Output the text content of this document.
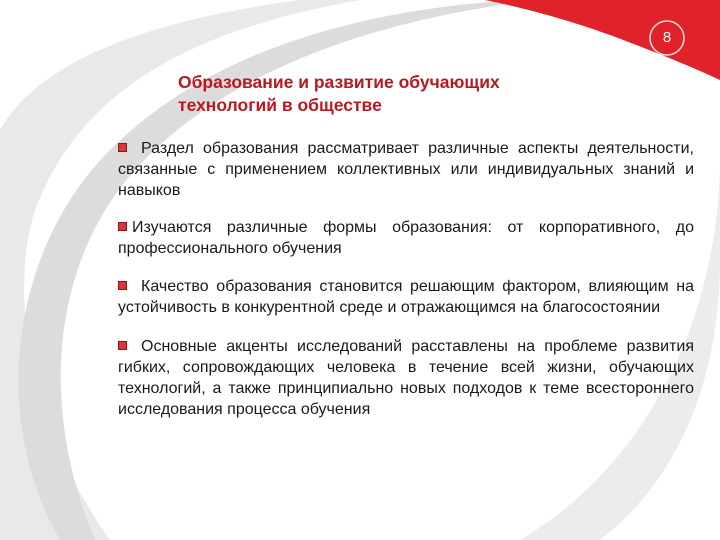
8
Образование и развитие обучающих технологий в обществе

Раздел образования рассматривает различные аспекты деятельности, связанные с применением коллективных или индивидуальных знаний и навыков

Изучаются различные формы образования: от корпоративного, до профессионального обучения

Качество образования становится решающим фактором, влияющим на устойчивость в конкурентной среде и отражающимся на благосостоянии

Основные акценты исследований расставлены на проблеме развития гибких, сопровождающих человека в течение всей жизни, обучающих технологий, а также принципиально новых подходов к теме всестороннего исследования процесса обучения
